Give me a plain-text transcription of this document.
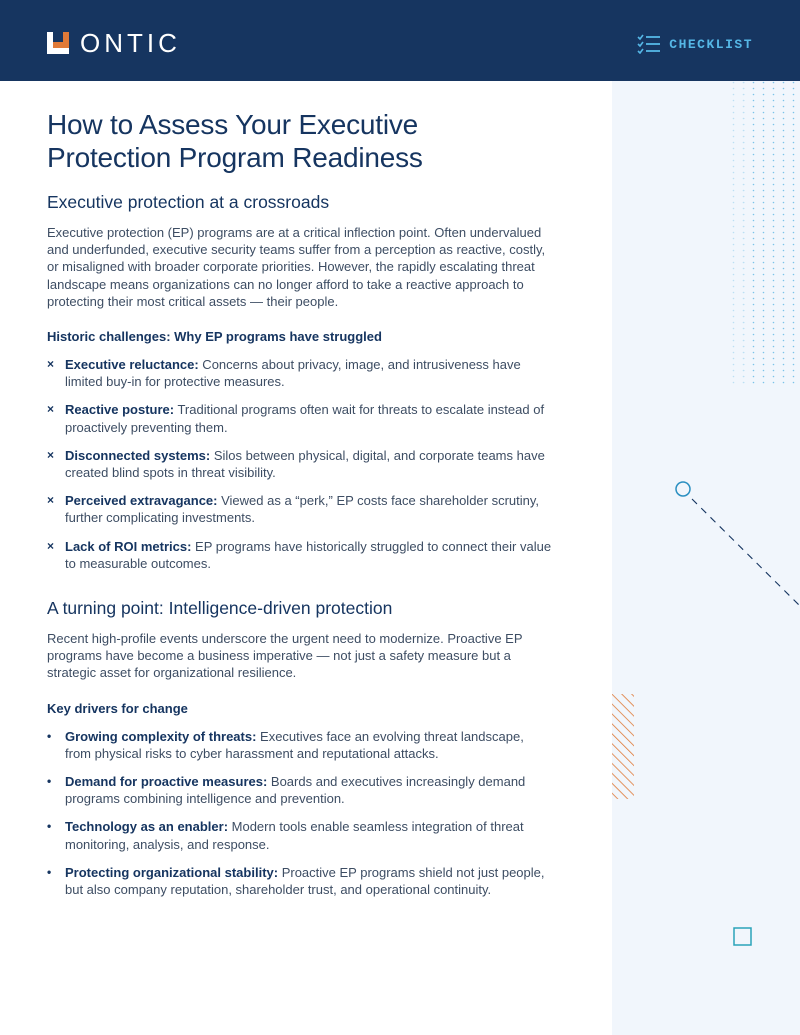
ONTIC	CHECKLIST
How to Assess Your Executive
Protection Program Readiness
Executive protection at a crossroads

Executive protection (EP) programs are at a critical inflection point. Often undervalued and underfunded, executive security teams suffer from a perception as reactive, costly, or misaligned with broader corporate priorities. However, the rapidly escalating threat landscape means organizations can no longer afford to take a reactive approach to protecting their most critical assets — their people.

Historic challenges: Why EP programs have struggled
× Executive reluctance: Concerns about privacy, image, and intrusiveness have limited buy-in for protective measures.
× Reactive posture: Traditional programs often wait for threats to escalate instead of proactively preventing them.
× Disconnected systems: Silos between physical, digital, and corporate teams have created blind spots in threat visibility.
× Perceived extravagance: Viewed as a “perk,” EP costs face shareholder scrutiny, further complicating investments.
× Lack of ROI metrics: EP programs have historically struggled to connect their value to measurable outcomes.
A turning point: Intelligence-driven protection

Recent high-profile events underscore the urgent need to modernize. Proactive EP programs have become a business imperative — not just a safety measure but a strategic asset for organizational resilience.

Key drivers for change
•	Growing complexity of threats: Executives face an evolving threat landscape, from physical risks to cyber harassment and reputational attacks.
•	Demand for proactive measures: Boards and executives increasingly demand programs combining intelligence and prevention.
•	Technology as an enabler: Modern tools enable seamless integration of threat monitoring, analysis, and response.
•	Protecting organizational stability: Proactive EP programs shield not just people, but also company reputation, shareholder trust, and operational continuity.
